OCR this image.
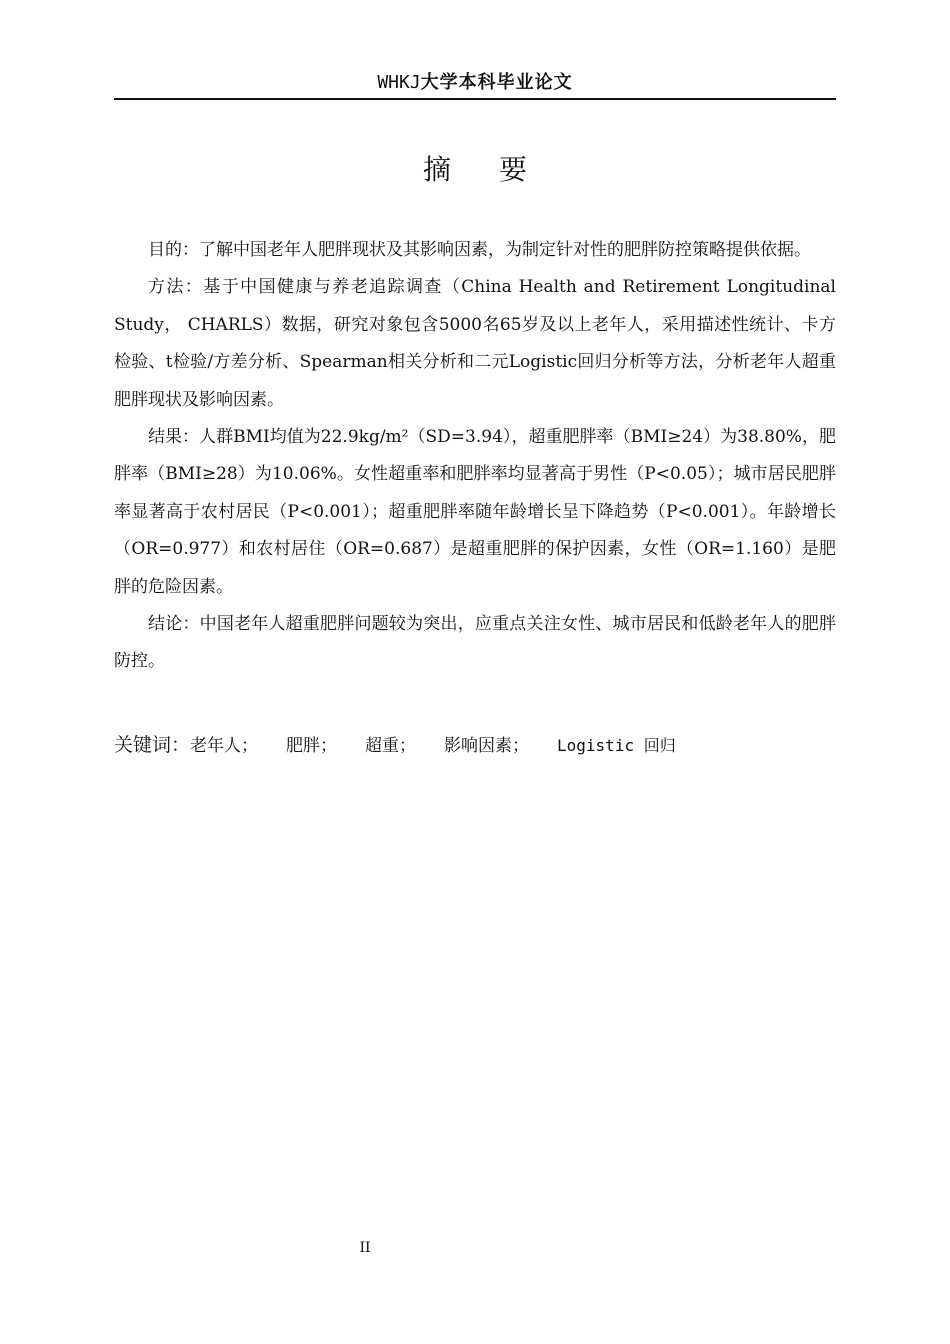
WHKJ大学本科毕业论文
摘要

目的：了解中国老年人肥胖现状及其影响因素，为制定针对性的肥胖防控策略提供依据。

方法：基于中国健康与养老追踪调查（China Health and Retirement Longitudinal Study， CHARLS）数据，研究对象包含5000名65岁及以上老年人，采用描述性统计、卡方检验、t检验/方差分析、Spearman相关分析和二元Logistic回归分析等方法，分析老年人超重肥胖现状及影响因素。

结果：人群BMI均值为22.9kg/m²（SD=3.94），超重肥胖率（BMI≥24）为38.80%，肥胖率（BMI≥28）为10.06%。女性超重率和肥胖率均显著高于男性（P<0.05）；城市居民肥胖率显著高于农村居民（P<0.001）；超重肥胖率随年龄增长呈下降趋势（P<0.001）。年龄增长（OR=0.977）和农村居住（OR=0.687）是超重肥胖的保护因素，女性（OR=1.160）是肥胖的危险因素。

结论：中国老年人超重肥胖问题较为突出，应重点关注女性、城市居民和低龄老年人的肥胖防控。

关键词：老年人； 肥胖； 超重； 影响因素； Logistic 回归
II
